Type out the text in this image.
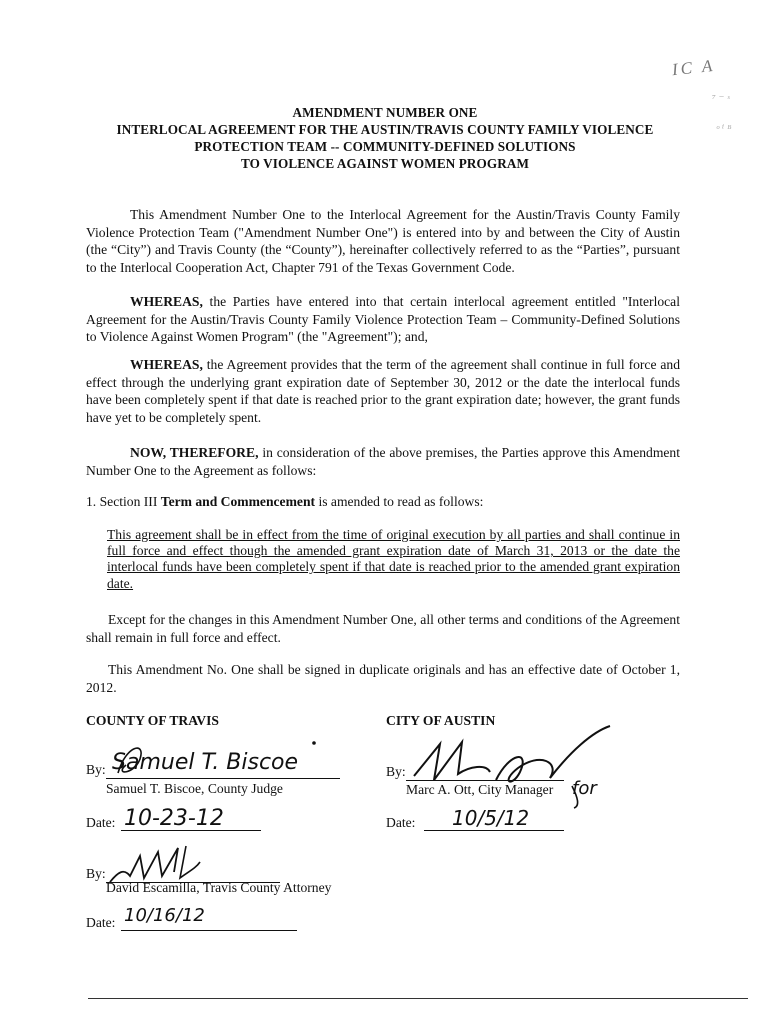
IC A
⁷ ⁻ ˢ
ᵒ ⁱ ᴮ
AMENDMENT NUMBER ONE
INTERLOCAL AGREEMENT FOR THE AUSTIN/TRAVIS COUNTY FAMILY VIOLENCE
PROTECTION TEAM -- COMMUNITY-DEFINED SOLUTIONS
TO VIOLENCE AGAINST WOMEN PROGRAM
This Amendment Number One to the Interlocal Agreement for the Austin/Travis County Family Violence Protection Team ("Amendment Number One") is entered into by and between the City of Austin (the “City”) and Travis County (the “County”), hereinafter collectively referred to as the “Parties”, pursuant to the Interlocal Cooperation Act, Chapter 791 of the Texas Government Code.
WHEREAS, the Parties have entered into that certain interlocal agreement entitled "Interlocal Agreement for the Austin/Travis County Family Violence Protection Team – Community-Defined Solutions to Violence Against Women Program" (the "Agreement"); and,
WHEREAS, the Agreement provides that the term of the agreement shall continue in full force and effect through the underlying grant expiration date of September 30, 2012 or the date the interlocal funds have been completely spent if that date is reached prior to the grant expiration date; however, the grant funds have yet to be completely spent.
NOW, THEREFORE, in consideration of the above premises, the Parties approve this Amendment Number One to the Agreement as follows:
1. Section III Term and Commencement is amended to read as follows:
This agreement shall be in effect from the time of original execution by all parties and shall continue in full force and effect though the amended grant expiration date of March 31, 2013 or the date the interlocal funds have been completely spent if that date is reached prior to the amended grant expiration date.
Except for the changes in this Amendment Number One, all other terms and conditions of the Agreement shall remain in full force and effect.
This Amendment No. One shall be signed in duplicate originals and has an effective date of October 1, 2012.
COUNTY OF TRAVIS
By: Samuel T. Biscoe
Samuel T. Biscoe, County Judge
Date: 10-23-12
CITY OF AUSTIN
By:
Marc A. Ott, City Manager for
Date: 10/5/12
By:
David Escamilla, Travis County Attorney
Date: 10/16/12
